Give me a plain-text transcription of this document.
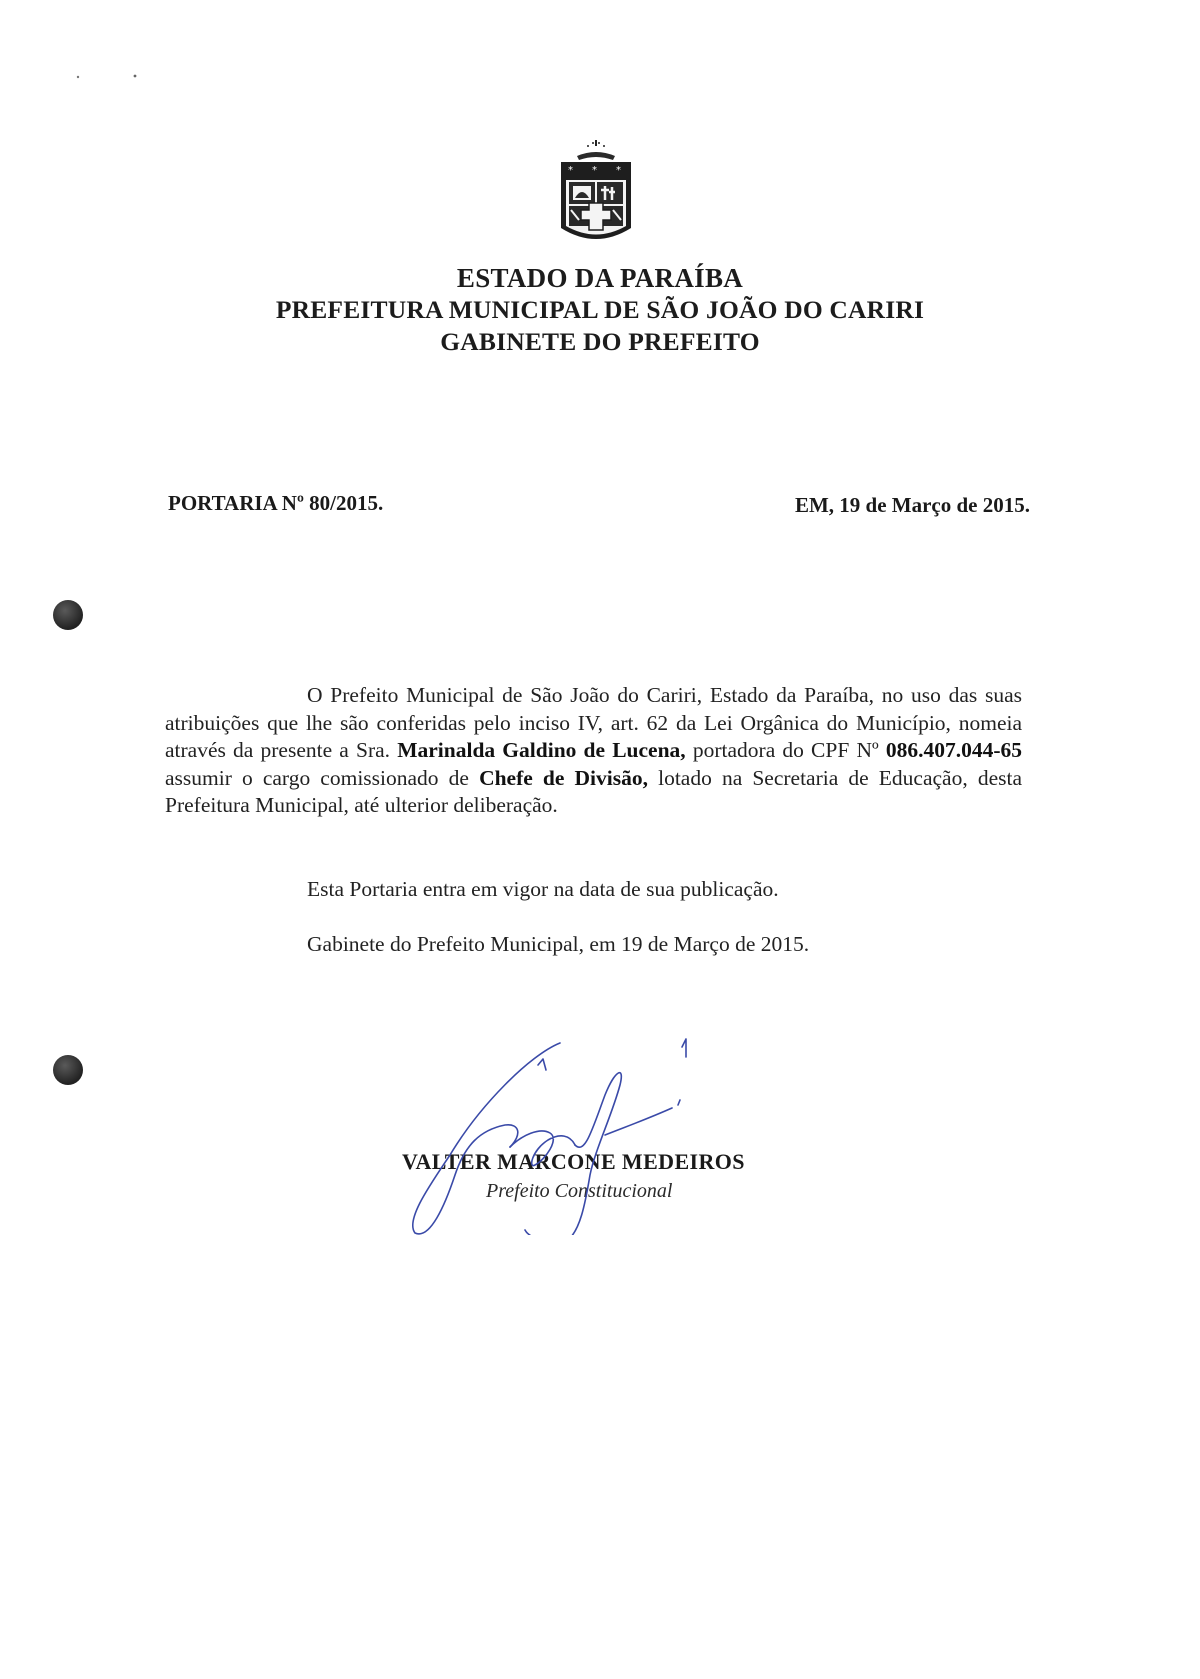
* * *
ESTADO DA PARAÍBA
PREFEITURA MUNICIPAL DE SÃO JOÃO DO CARIRI
GABINETE DO PREFEITO
PORTARIA Nº 80/2015.	EM, 19 de Março de 2015.
O Prefeito Municipal de São João do Cariri, Estado da Paraíba, no uso das suas atribuições que lhe são conferidas pelo inciso IV, art. 62 da Lei Orgânica do Município, nomeia através da presente a Sra. Marinalda Galdino de Lucena, portadora do CPF Nº 086.407.044-65 assumir o cargo comissionado de Chefe de Divisão, lotado na Secretaria de Educação, desta Prefeitura Municipal, até ulterior deliberação.
Esta Portaria entra em vigor na data de sua publicação.
Gabinete do Prefeito Municipal, em 19 de Março de 2015.
VALTER MARCONE MEDEIROS
Prefeito Constitucional
